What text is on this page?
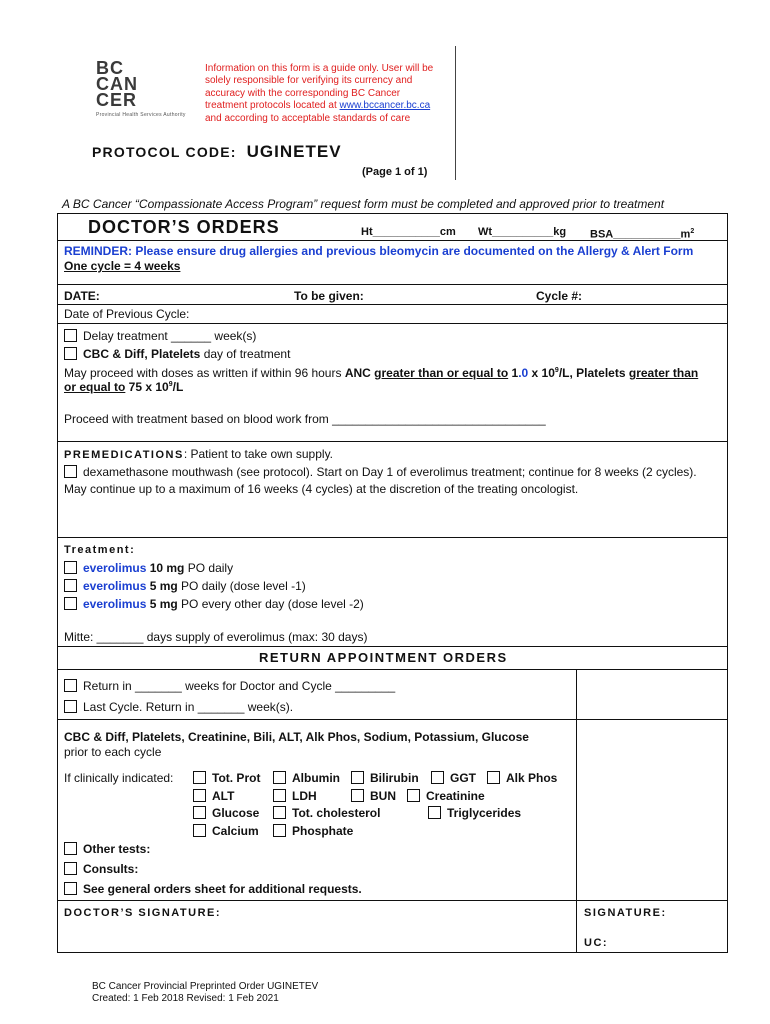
BC
CAN
CER
Provincial Health Services Authority
Information on this form is a guide only. User will be solely responsible for verifying its currency and accuracy with the corresponding BC Cancer treatment protocols located at www.bccancer.bc.ca and according to acceptable standards of care
PROTOCOL CODE: UGINETEV
(Page 1 of 1)
A BC Cancer “Compassionate Access Program” request form must be completed and approved prior to treatment
DOCTOR’S ORDERS	Ht___________cm Wt__________kg $BSA\_\_\_\_\_\_\_\_\_\_\_m^2$
REMINDER: Please ensure drug allergies and previous bleomycin are documented on the Allergy & Alert Form
One cycle = 4 weeks
DATE:	To be given:	Cycle #:
Date of Previous Cycle:
Delay treatment ______ week(s)
CBC & Diff, Platelets day of treatment
May proceed with doses as written if within 96 hours ANC greater than or equal to 1.0 x $10^9/L$, Platelets greater than
or equal to 75 x $10^9/L$
Proceed with treatment based on blood work from ________________________________
PREMEDICATIONS: Patient to take own supply.
dexamethasone mouthwash (see protocol). Start on Day 1 of everolimus treatment; continue for 8 weeks (2 cycles).
May continue up to a maximum of 16 weeks (4 cycles) at the discretion of the treating oncologist.
Treatment:
everolimus 10 mg PO daily
everolimus 5 mg PO daily (dose level -1)
everolimus 5 mg PO every other day (dose level -2)
Mitte: _______ days supply of everolimus (max: 30 days)
RETURN APPOINTMENT ORDERS
Return in _______ weeks for Doctor and Cycle _________
Last Cycle. Return in _______ week(s).
CBC & Diff, Platelets, Creatinine, Bili, ALT, Alk Phos, Sodium, Potassium, Glucose
prior to each cycle
If clinically indicated:	Tot. Prot	Albumin	Bilirubin	GGT	Alk Phos
ALT	LDH	BUN	Creatinine
Glucose	Tot. cholesterol	Triglycerides
Calcium	Phosphate
Other tests:
Consults:
See general orders sheet for additional requests.
DOCTOR’S SIGNATURE:	SIGNATURE:
UC:
BC Cancer Provincial Preprinted Order UGINETEV
Created: 1 Feb 2018 Revised: 1 Feb 2021
